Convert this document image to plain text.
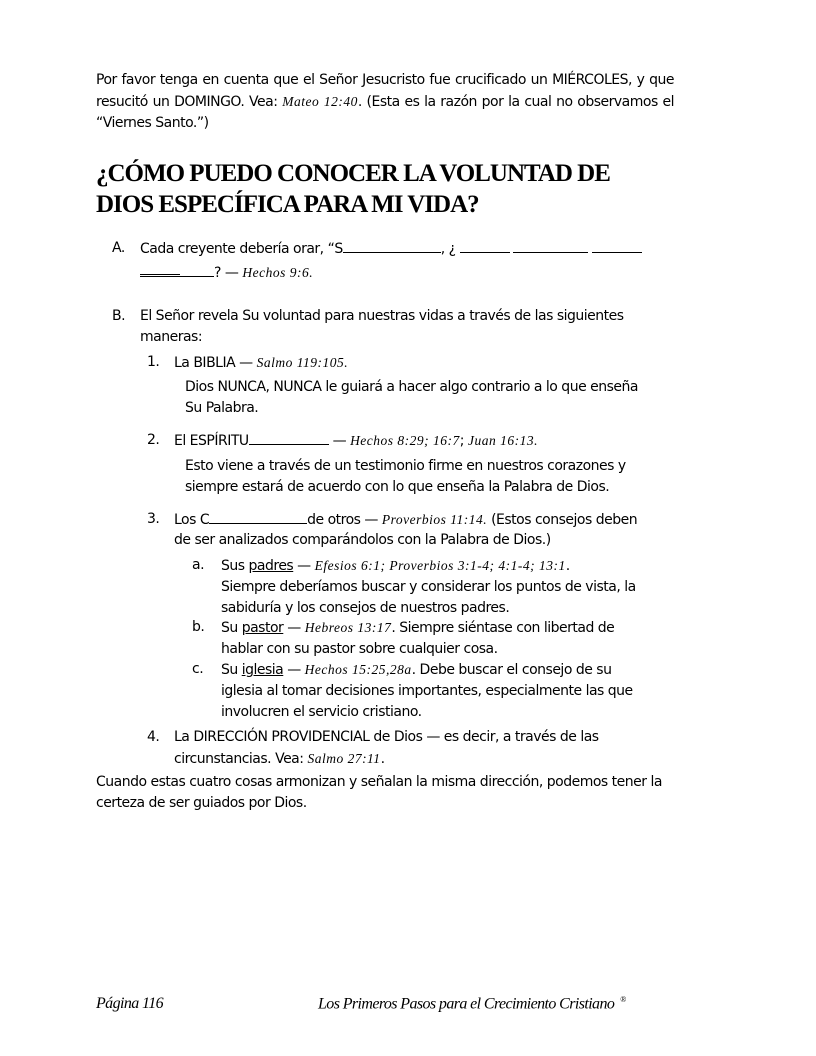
Por favor tenga en cuenta que el Señor Jesucristo fue crucificado un MIÉRCOLES, y que resucitó un DOMINGO. Vea: Mateo 12:40. (Esta es la razón por la cual no observamos el “Viernes Santo.”)
¿CÓMO PUEDO CONOCER LA VOLUNTAD DE
DIOS ESPECÍFICA PARA MI VIDA?
A. Cada creyente debería orar, “S	, ¿
? — Hechos 9:6.
B. El Señor revela Su voluntad para nuestras vidas a través de las siguientes
maneras:
1. La BIBLIA — Salmo 119:105.
Dios NUNCA, NUNCA le guiará a hacer algo contrario a lo que enseña
Su Palabra.
2. El ESPÍRITU	— Hechos 8:29; 16:7; Juan 16:13.
Esto viene a través de un testimonio firme en nuestros corazones y
siempre estará de acuerdo con lo que enseña la Palabra de Dios.
3. Los C	de otros — Proverbios 11:14. (Estos consejos deben
de ser analizados comparándolos con la Palabra de Dios.)
a. Sus padres — Efesios 6:1; Proverbios 3:1-4; 4:1-4; 13:1.
Siempre deberíamos buscar y considerar los puntos de vista, la
sabiduría y los consejos de nuestros padres.
b. Su pastor — Hebreos 13:17. Siempre siéntase con libertad de
hablar con su pastor sobre cualquier cosa.
c. Su iglesia — Hechos 15:25,28a. Debe buscar el consejo de su
iglesia al tomar decisiones importantes, especialmente las que
involucren el servicio cristiano.
4. La DIRECCIÓN PROVIDENCIAL de Dios — es decir, a través de las
circunstancias. Vea: Salmo 27:11.
Cuando estas cuatro cosas armonizan y señalan la misma dirección, podemos tener la
certeza de ser guiados por Dios.
Página 116	Los Primeros Pasos para el Crecimiento Cristiano ®
